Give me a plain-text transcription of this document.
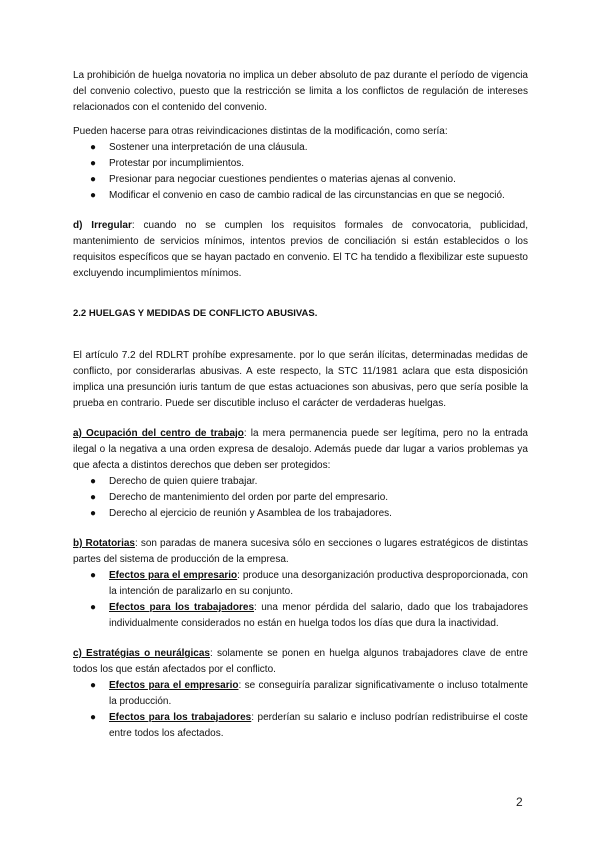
La prohibición de huelga novatoria no implica un deber absoluto de paz durante el período de vigencia del convenio colectivo, puesto que la restricción se limita a los conflictos de regulación de intereses relacionados con el contenido del convenio.

Pueden hacerse para otras reivindicaciones distintas de la modificación, como sería:

● Sostener una interpretación de una cláusula.
● Protestar por incumplimientos.
● Presionar para negociar cuestiones pendientes o materias ajenas al convenio.
● Modificar el convenio en caso de cambio radical de las circunstancias en que se negoció.

d) Irregular: cuando no se cumplen los requisitos formales de convocatoria, publicidad, mantenimiento de servicios mínimos, intentos previos de conciliación si están establecidos o los requisitos específicos que se hayan pactado en convenio. El TC ha tendido a flexibilizar este supuesto excluyendo incumplimientos mínimos.

2.2 HUELGAS Y MEDIDAS DE CONFLICTO ABUSIVAS.

El artículo 7.2 del RDLRT prohíbe expresamente. por lo que serán ilícitas, determinadas medidas de conflicto, por considerarlas abusivas. A este respecto, la STC 11/1981 aclara que esta disposición implica una presunción iuris tantum de que estas actuaciones son abusivas, pero que sería posible la prueba en contrario. Puede ser discutible incluso el carácter de verdaderas huelgas.

a) Ocupación del centro de trabajo: la mera permanencia puede ser legítima, pero no la entrada ilegal o la negativa a una orden expresa de desalojo. Además puede dar lugar a varios problemas ya que afecta a distintos derechos que deben ser protegidos:

● Derecho de quien quiere trabajar.
● Derecho de mantenimiento del orden por parte del empresario.
● Derecho al ejercicio de reunión y Asamblea de los trabajadores.

b) Rotatorias: son paradas de manera sucesiva sólo en secciones o lugares estratégicos de distintas partes del sistema de producción de la empresa.

● Efectos para el empresario: produce una desorganización productiva desproporcionada, con la intención de paralizarlo en su conjunto.
● Efectos para los trabajadores: una menor pérdida del salario, dado que los trabajadores individualmente considerados no están en huelga todos los días que dura la inactividad.

c) Estratégias o neurálgicas: solamente se ponen en huelga algunos trabajadores clave de entre todos los que están afectados por el conflicto.

● Efectos para el empresario: se conseguiría paralizar significativamente o incluso totalmente la producción.
● Efectos para los trabajadores: perderían su salario e incluso podrían redistribuirse el coste entre todos los afectados.
2
